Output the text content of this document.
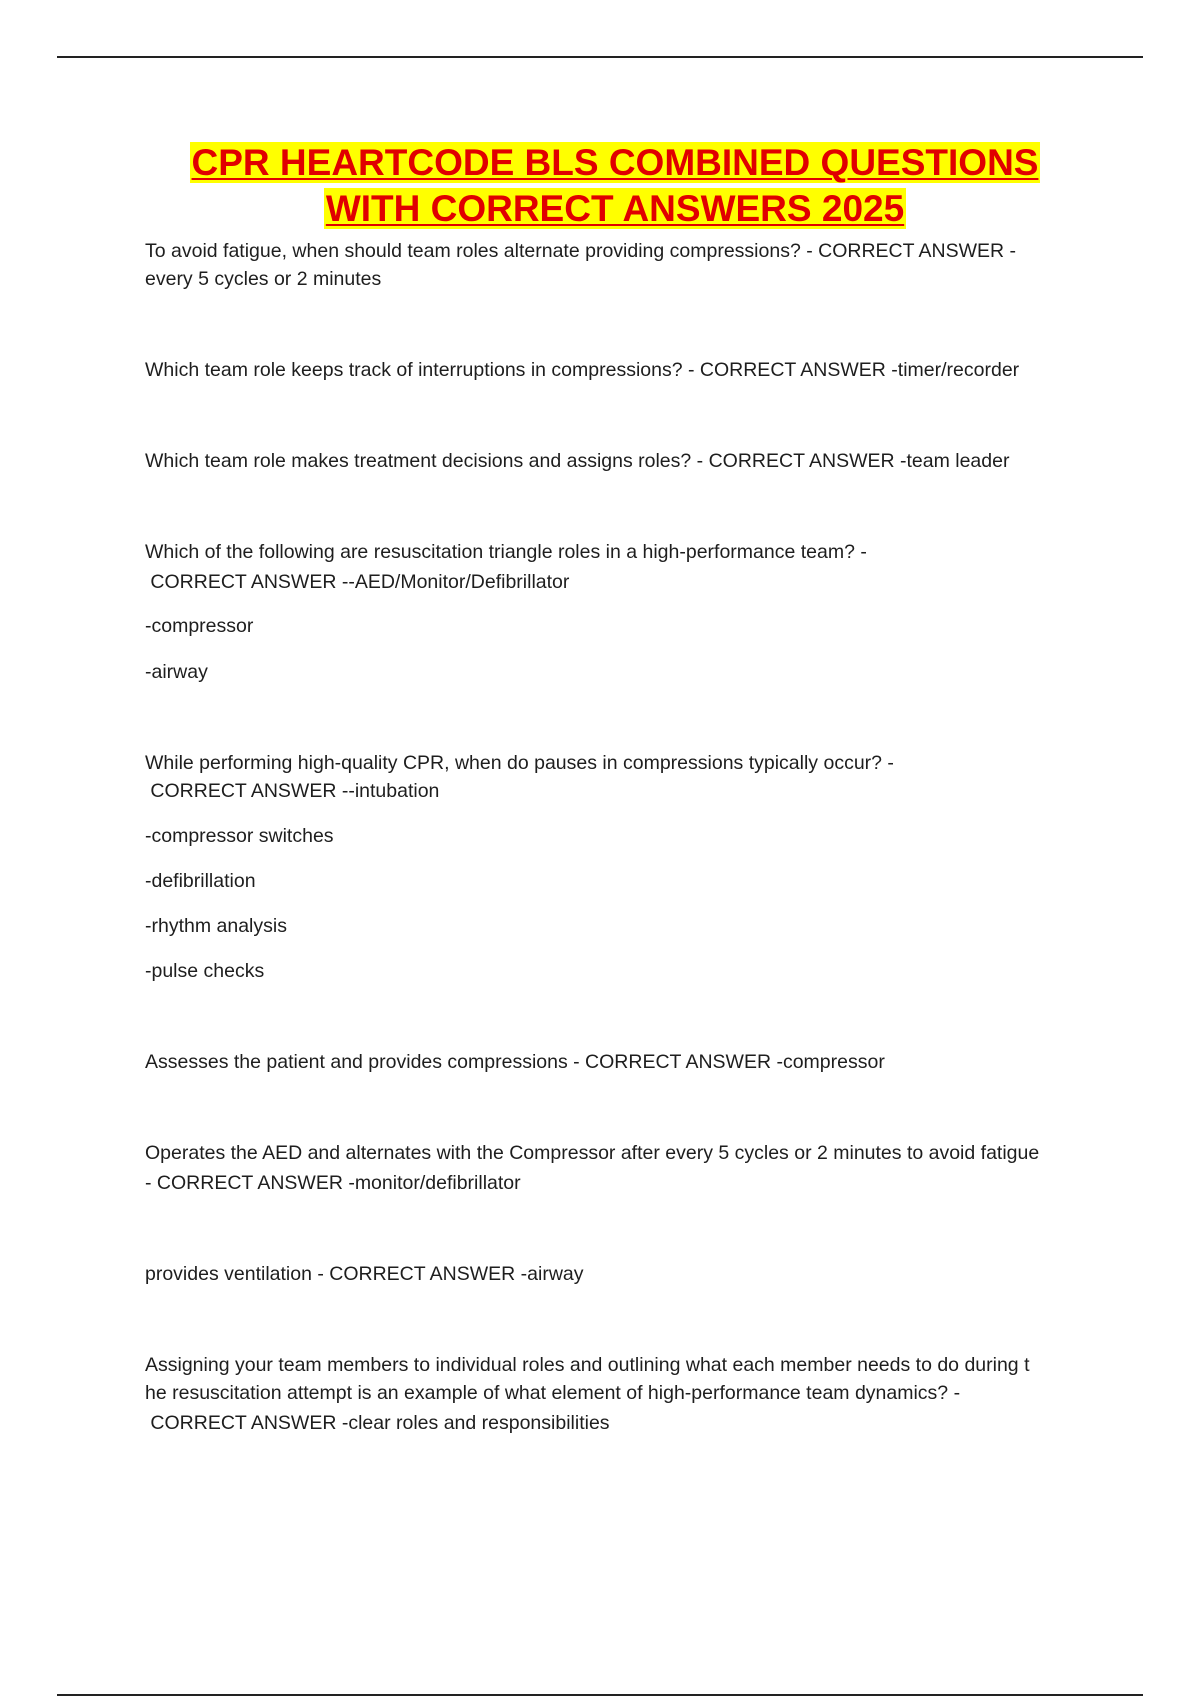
CPR HEARTCODE BLS COMBINED QUESTIONS
WITH CORRECT ANSWERS 2025

To avoid fatigue, when should team roles alternate providing compressions? - CORRECT ANSWER -

every 5 cycles or 2 minutes

Which team role keeps track of interruptions in compressions? - CORRECT ANSWER -timer/recorder

Which team role makes treatment decisions and assigns roles? - CORRECT ANSWER -team leader

Which of the following are resuscitation triangle roles in a high-performance team? -

CORRECT ANSWER --AED/Monitor/Defibrillator

-compressor

-airway

While performing high-quality CPR, when do pauses in compressions typically occur? -

CORRECT ANSWER --intubation

-compressor switches

-defibrillation

-rhythm analysis

-pulse checks

Assesses the patient and provides compressions - CORRECT ANSWER -compressor

Operates the AED and alternates with the Compressor after every 5 cycles or 2 minutes to avoid fatigue

- CORRECT ANSWER -monitor/defibrillator

provides ventilation - CORRECT ANSWER -airway

Assigning your team members to individual roles and outlining what each member needs to do during t

he resuscitation attempt is an example of what element of high-performance team dynamics? -

CORRECT ANSWER -clear roles and responsibilities
